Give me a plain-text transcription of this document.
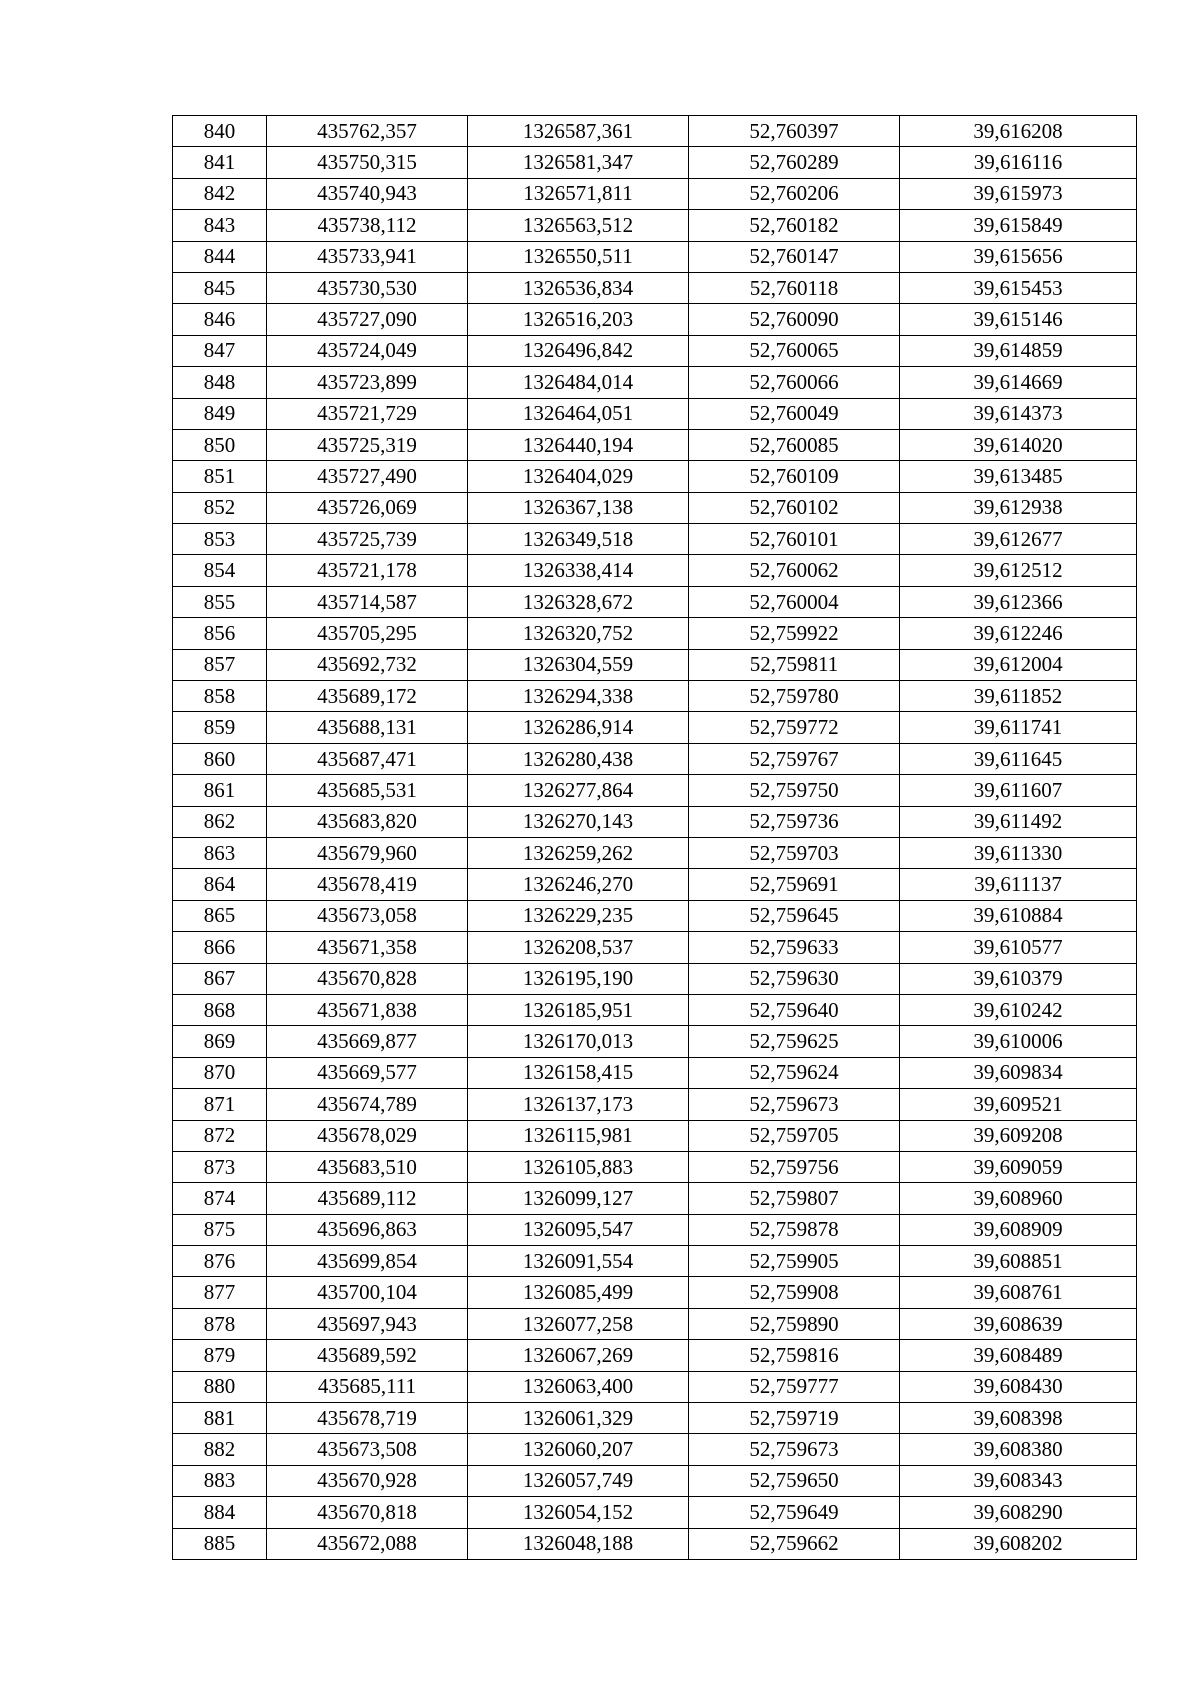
840	435762,357	1326587,361	52,760397	39,616208
841	435750,315	1326581,347	52,760289	39,616116
842	435740,943	1326571,811	52,760206	39,615973
843	435738,112	1326563,512	52,760182	39,615849
844	435733,941	1326550,511	52,760147	39,615656
845	435730,530	1326536,834	52,760118	39,615453
846	435727,090	1326516,203	52,760090	39,615146
847	435724,049	1326496,842	52,760065	39,614859
848	435723,899	1326484,014	52,760066	39,614669
849	435721,729	1326464,051	52,760049	39,614373
850	435725,319	1326440,194	52,760085	39,614020
851	435727,490	1326404,029	52,760109	39,613485
852	435726,069	1326367,138	52,760102	39,612938
853	435725,739	1326349,518	52,760101	39,612677
854	435721,178	1326338,414	52,760062	39,612512
855	435714,587	1326328,672	52,760004	39,612366
856	435705,295	1326320,752	52,759922	39,612246
857	435692,732	1326304,559	52,759811	39,612004
858	435689,172	1326294,338	52,759780	39,611852
859	435688,131	1326286,914	52,759772	39,611741
860	435687,471	1326280,438	52,759767	39,611645
861	435685,531	1326277,864	52,759750	39,611607
862	435683,820	1326270,143	52,759736	39,611492
863	435679,960	1326259,262	52,759703	39,611330
864	435678,419	1326246,270	52,759691	39,611137
865	435673,058	1326229,235	52,759645	39,610884
866	435671,358	1326208,537	52,759633	39,610577
867	435670,828	1326195,190	52,759630	39,610379
868	435671,838	1326185,951	52,759640	39,610242
869	435669,877	1326170,013	52,759625	39,610006
870	435669,577	1326158,415	52,759624	39,609834
871	435674,789	1326137,173	52,759673	39,609521
872	435678,029	1326115,981	52,759705	39,609208
873	435683,510	1326105,883	52,759756	39,609059
874	435689,112	1326099,127	52,759807	39,608960
875	435696,863	1326095,547	52,759878	39,608909
876	435699,854	1326091,554	52,759905	39,608851
877	435700,104	1326085,499	52,759908	39,608761
878	435697,943	1326077,258	52,759890	39,608639
879	435689,592	1326067,269	52,759816	39,608489
880	435685,111	1326063,400	52,759777	39,608430
881	435678,719	1326061,329	52,759719	39,608398
882	435673,508	1326060,207	52,759673	39,608380
883	435670,928	1326057,749	52,759650	39,608343
884	435670,818	1326054,152	52,759649	39,608290
885	435672,088	1326048,188	52,759662	39,608202
